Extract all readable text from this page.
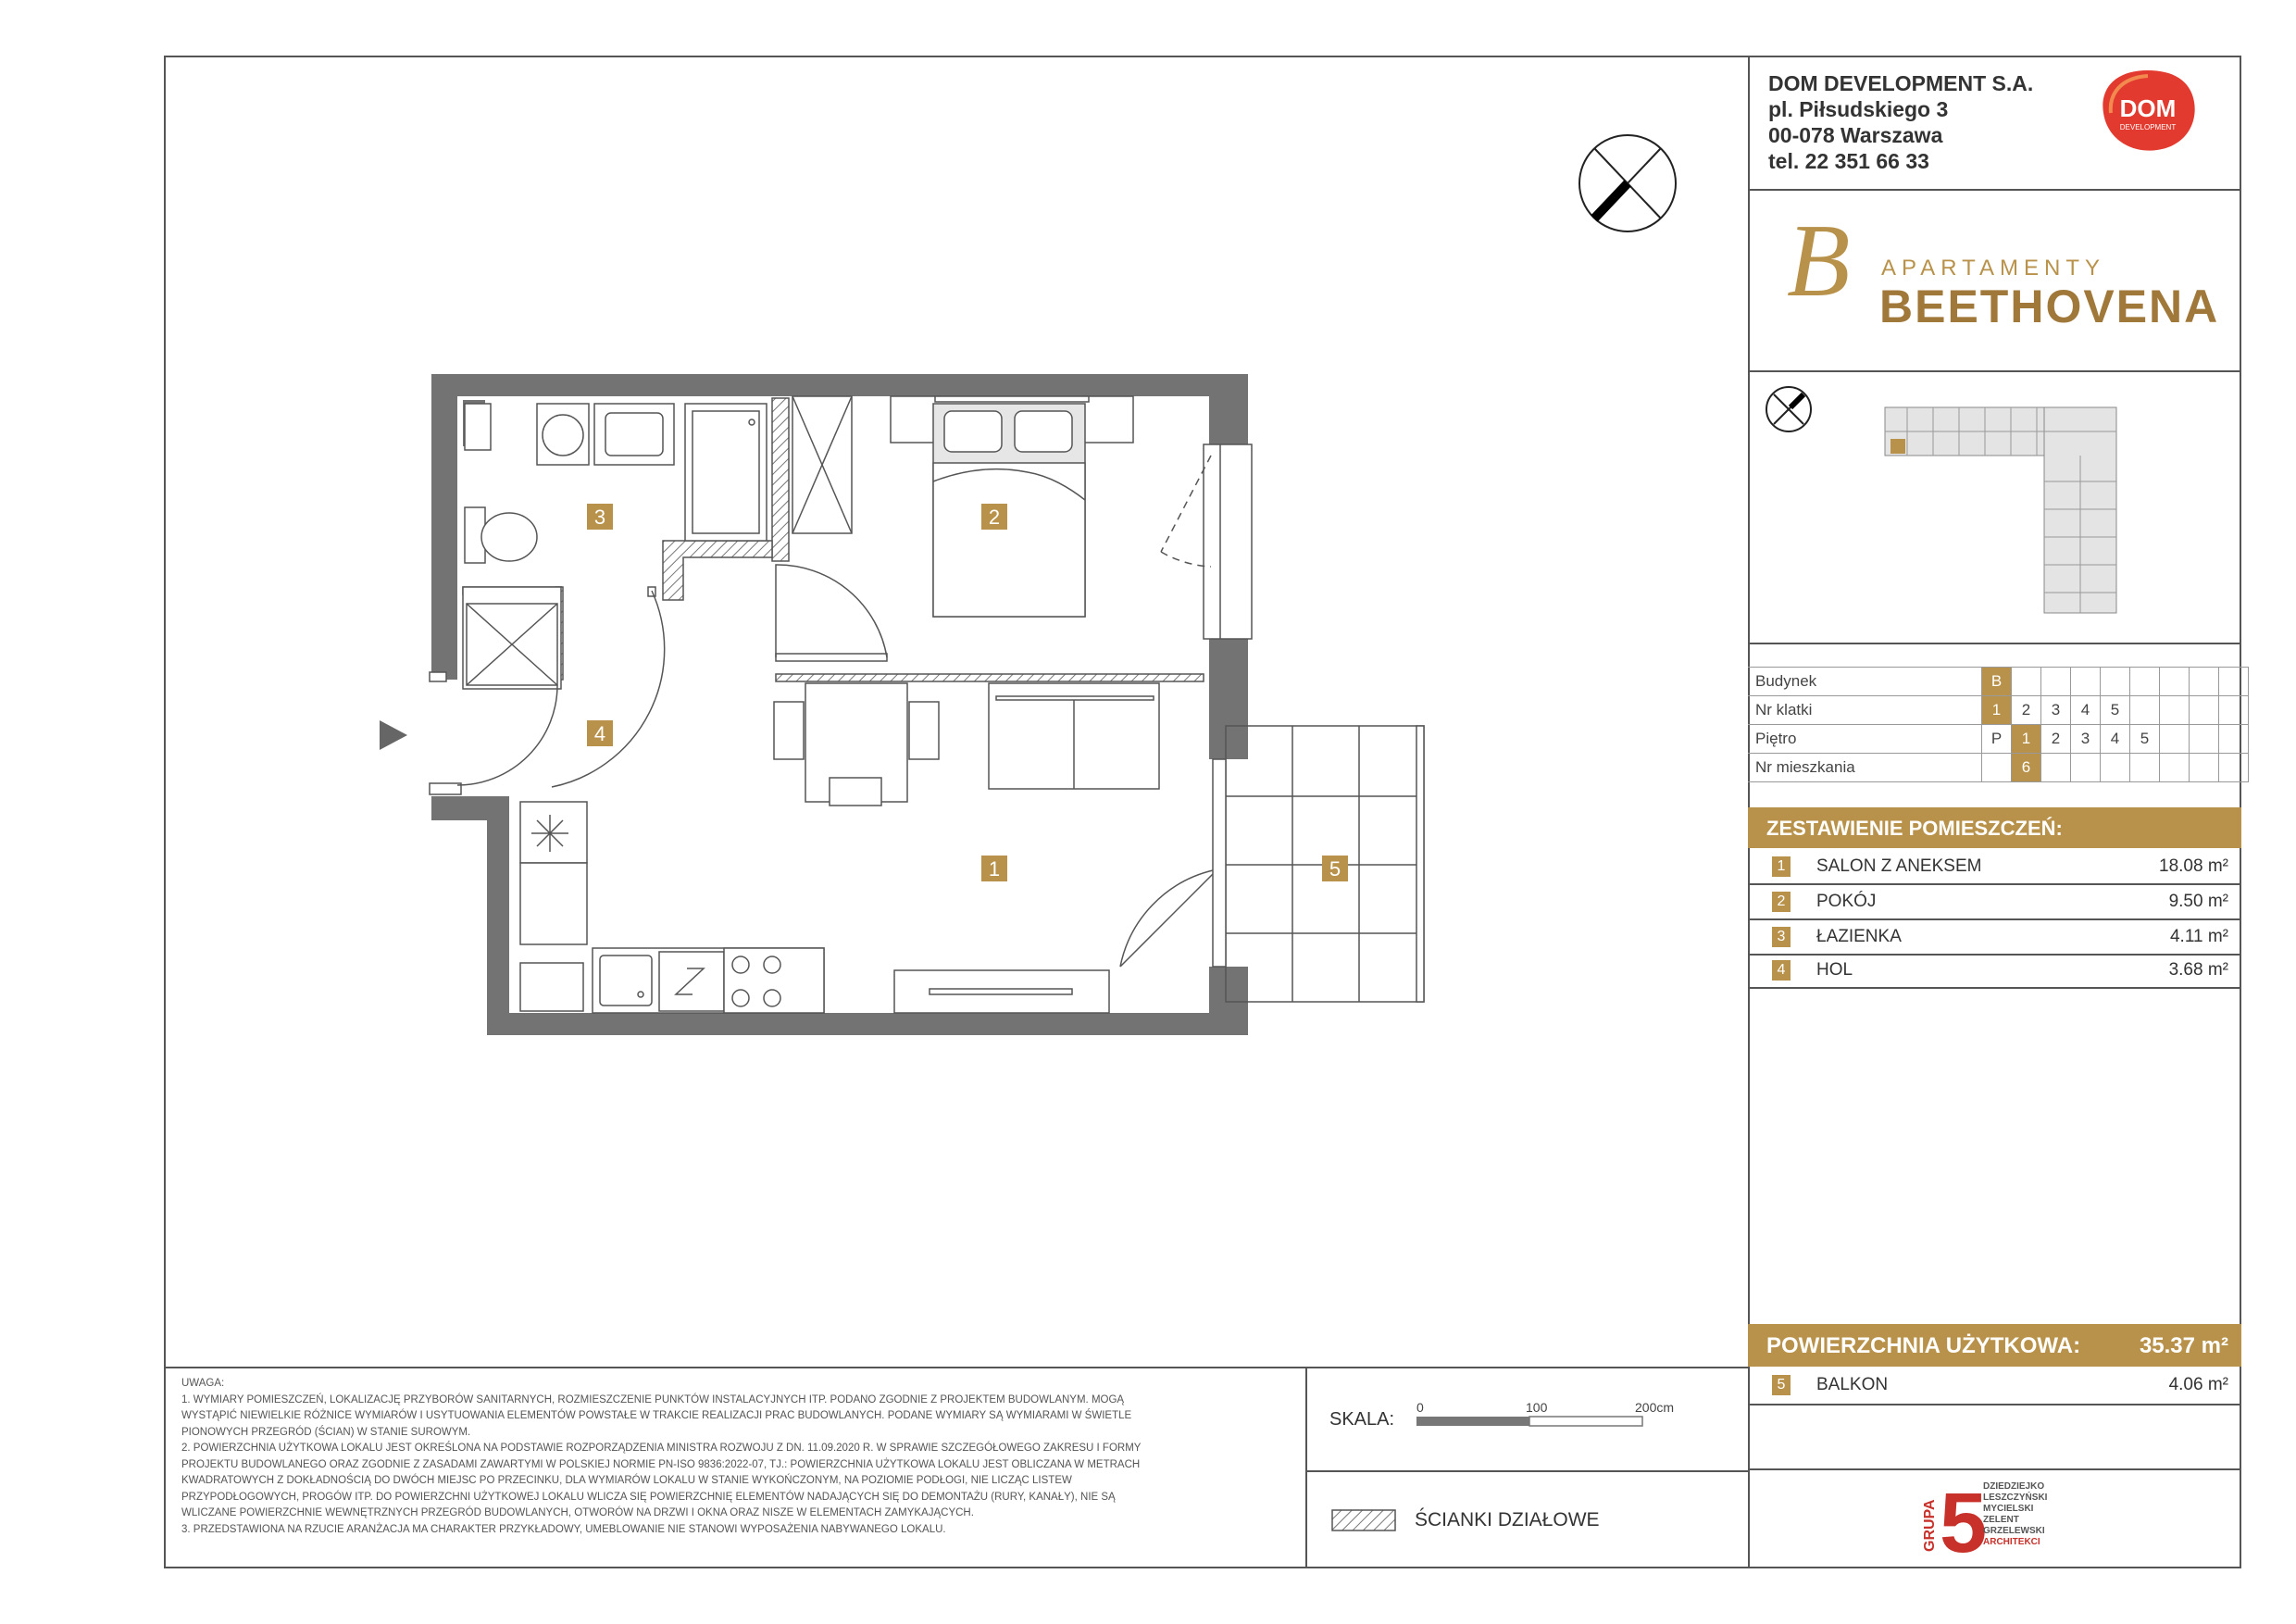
1
2
3
4
5
DOM DEVELOPMENT S.A.
pl. Piłsudskiego 3
00-078 Warszawa
tel. 22 351 66 33
DOM
DEVELOPMENT
B APARTAMENTY
BEETHOVENA
Budynek	B								
Nr klatki	1	2	3	4	5				
Piętro	P	1	2	3	4	5			
Nr mieszkania		6							
ZESTAWIENIE POMIESZCZEŃ:
1 SALON Z ANEKSEM	18.08 m²
2 POKÓJ	9.50 m²
3 ŁAZIENKA	4.11 m²
4 HOL	3.68 m²
POWIERZCHNIA UŻYTKOWA:	35.37 m²
5 BALKON	4.06 m²
GRUPA 5
DZIEDZIEJKO
LESZCZYŃSKI
MYCIELSKI
ZELENT
GRZELEWSKI
ARCHITEKCI
UWAGA:
1. WYMIARY POMIESZCZEŃ, LOKALIZACJĘ PRZYBORÓW SANITARNYCH, ROZMIESZCZENIE PUNKTÓW INSTALACYJNYCH ITP. PODANO ZGODNIE Z PROJEKTEM BUDOWLANYM. MOGĄ
WYSTĄPIĆ NIEWIELKIE RÓŻNICE WYMIARÓW I USYTUOWANIA ELEMENTÓW POWSTAŁE W TRAKCIE REALIZACJI PRAC BUDOWLANYCH. PODANE WYMIARY SĄ WYMIARAMI W ŚWIETLE
PIONOWYCH PRZEGRÓD (ŚCIAN) W STANIE SUROWYM.
2. POWIERZCHNIA UŻYTKOWA LOKALU JEST OKREŚLONA NA PODSTAWIE ROZPORZĄDZENIA MINISTRA ROZWOJU Z DN. 11.09.2020 R. W SPRAWIE SZCZEGÓŁOWEGO ZAKRESU I FORMY
PROJEKTU BUDOWLANEGO ORAZ ZGODNIE Z ZASADAMI ZAWARTYMI W POLSKIEJ NORMIE PN-ISO 9836:2022-07, TJ.: POWIERZCHNIA UŻYTKOWA LOKALU JEST OBLICZANA W METRACH
KWADRATOWYCH Z DOKŁADNOŚCIĄ DO DWÓCH MIEJSC PO PRZECINKU, DLA WYMIARÓW LOKALU W STANIE WYKOŃCZONYM, NA POZIOMIE PODŁOGI, NIE LICZĄC LISTEW
PRZYPODŁOGOWYCH, PROGÓW ITP. DO POWIERZCHNI UŻYTKOWEJ LOKALU WLICZA SIĘ POWIERZCHNIĘ ELEMENTÓW NADAJĄCYCH SIĘ DO DEMONTAŻU (RURY, KANAŁY), NIE SĄ
WLICZANE POWIERZCHNIE WEWNĘTRZNYCH PRZEGRÓD BUDOWLANYCH, OTWORÓW NA DRZWI I OKNA ORAZ NISZE W ELEMENTACH ZAMYKAJĄCYCH.
3. PRZEDSTAWIONA NA RZUCIE ARANŻACJA MA CHARAKTER PRZYKŁADOWY, UMEBLOWANIE NIE STANOWI WYPOSAŻENIA NABYWANEGO LOKALU.
SKALA:
0	100	200cm
ŚCIANKI DZIAŁOWE
